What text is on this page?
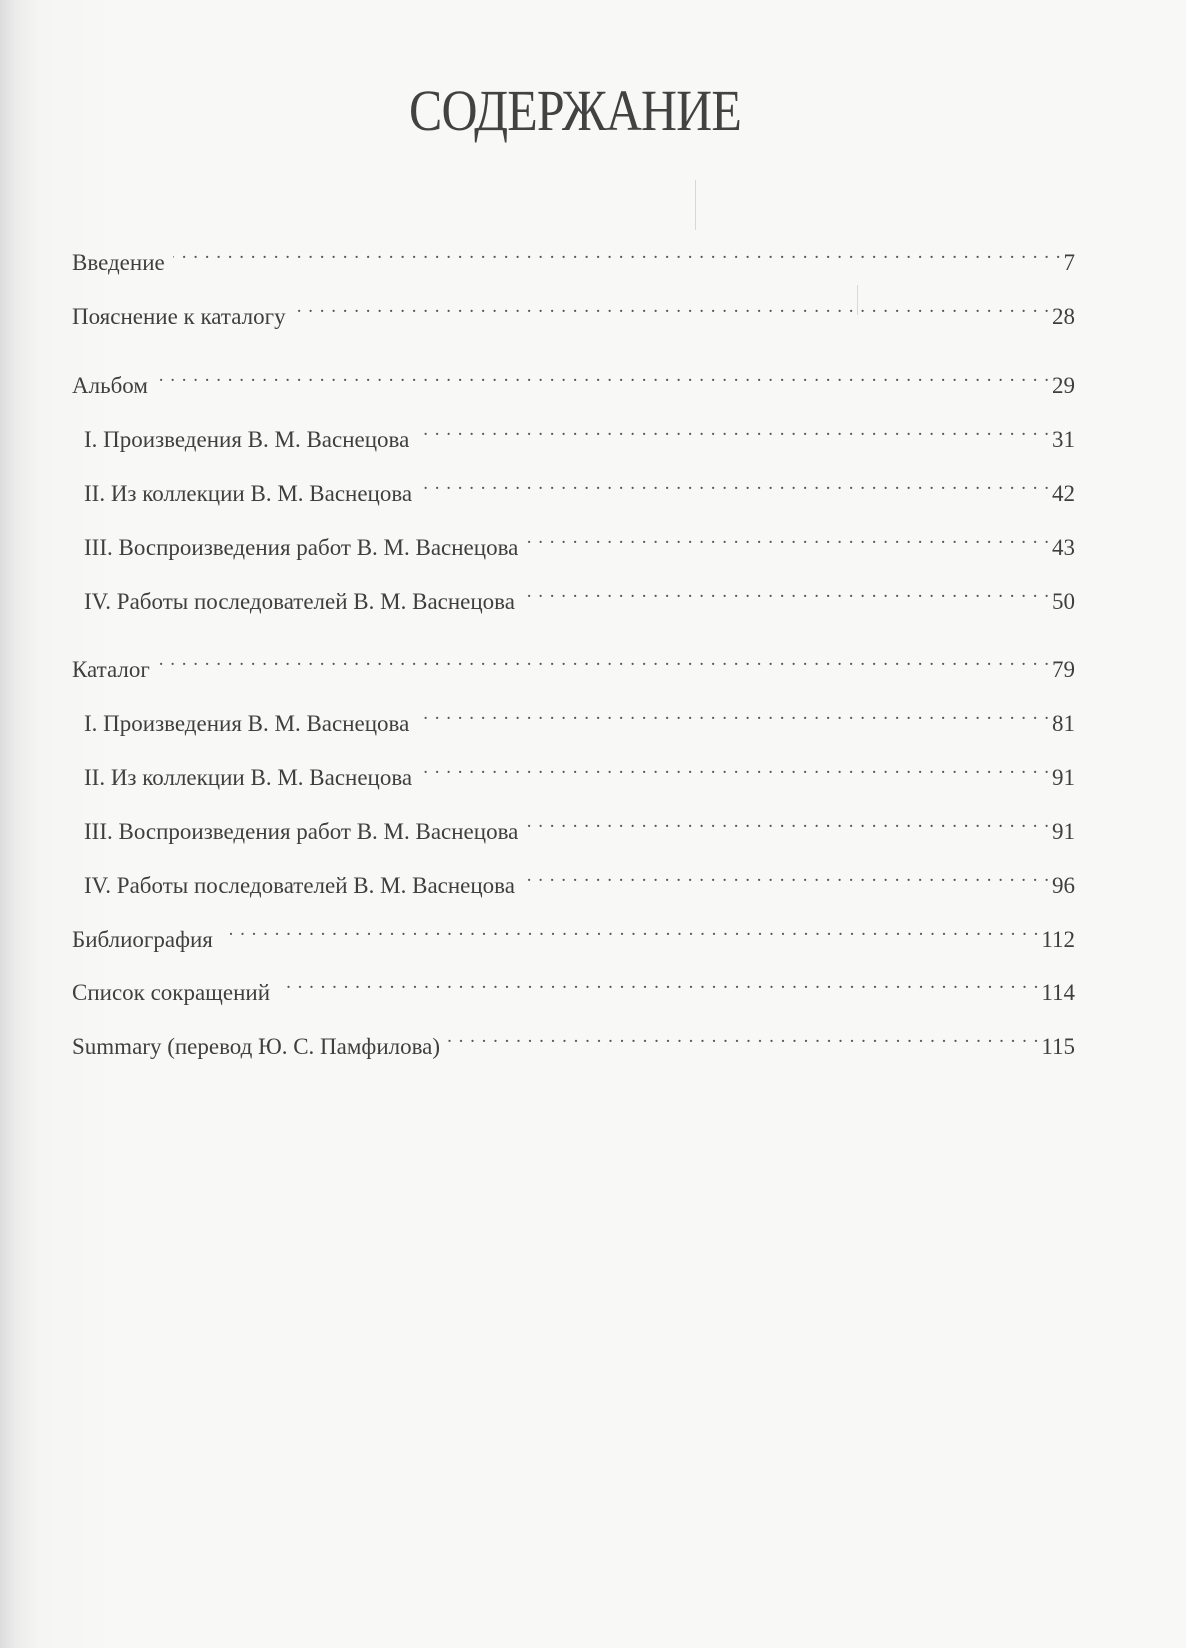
СОДЕРЖАНИЕ
Введение . . .	7
Пояснение к каталогу . . .	28
Альбом . . .	29
I. Произведения В. М. Васнецова . . .	31
II. Из коллекции В. М. Васнецова . . .	42
III. Воспроизведения работ В. М. Васнецова . . .	43
IV. Работы последователей В. М. Васнецова . . .	50
Каталог . . .	79
I. Произведения В. М. Васнецова . . .	81
II. Из коллекции В. М. Васнецова . . .	91
III. Воспроизведения работ В. М. Васнецова . . .	91
IV. Работы последователей В. М. Васнецова . . .	96
Библиография . . .	112
Список сокращений . . .	114
Summary (перевод Ю. С. Памфилова) . . .	115
